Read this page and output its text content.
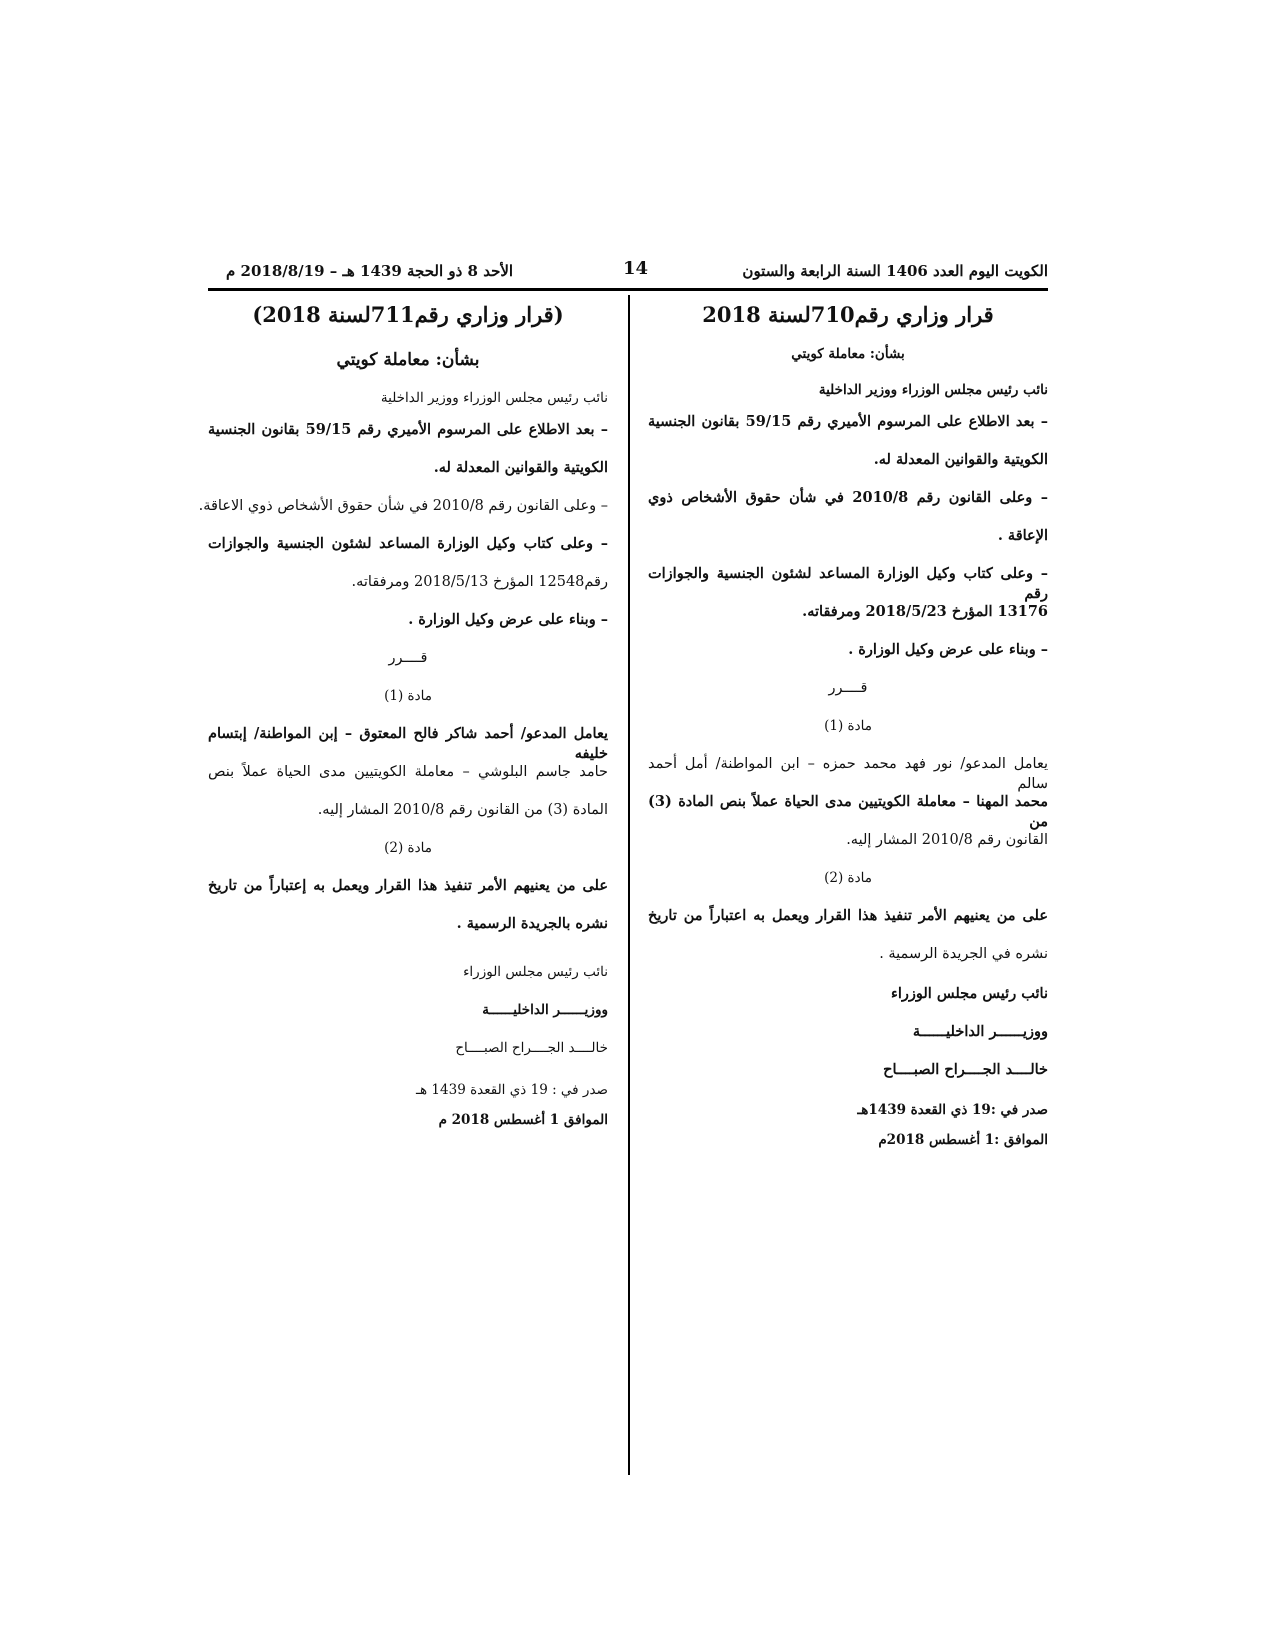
الكويت اليوم العدد 1406 السنة الرابعة والستون
14
الأحد 8 ذو الحجة 1439 هـ – 2018/8/19 م
قرار وزاري رقم710لسنة 2018
بشأن: معاملة كويتي
نائب رئيس مجلس الوزراء ووزير الداخلية
– بعد الاطلاع على المرسوم الأميري رقم 59/15 بقانون الجنسية
الكويتية والقوانين المعدلة له.
– وعلى القانون رقم 2010/8 في شأن حقوق الأشخاص ذوي
الإعاقة .
– وعلى كتاب وكيل الوزارة المساعد لشئون الجنسية والجوازات رقم
13176 المؤرخ 2018/5/23 ومرفقاته.
– وبناء على عرض وكيل الوزارة .
قــــرر
مادة (1)
يعامل المدعو/ نور فهد محمد حمزه – ابن المواطنة/ أمل أحمد سالم
محمد المهنا – معاملة الكويتيين مدى الحياة عملاً بنص المادة (3) من
القانون رقم 2010/8 المشار إليه.
مادة (2)
على من يعنيهم الأمر تنفيذ هذا القرار ويعمل به اعتباراً من تاريخ
نشره في الجريدة الرسمية .
نائب رئيس مجلس الوزراء
ووزيــــــر الداخليــــــة
خالــــد الجــــراح الصبــــاح
صدر في :19 ذي القعدة 1439هـ
الموافق :1 أغسطس 2018م
(قرار وزاري رقم711لسنة 2018)
بشأن: معاملة كويتي
نائب رئيس مجلس الوزراء ووزير الداخلية
– بعد الاطلاع على المرسوم الأميري رقم 59/15 بقانون الجنسية
الكويتية والقوانين المعدلة له.
– وعلى القانون رقم 2010/8 في شأن حقوق الأشخاص ذوي الاعاقة.
– وعلى كتاب وكيل الوزارة المساعد لشئون الجنسية والجوازات
رقم12548 المؤرخ 2018/5/13 ومرفقاته.
– وبناء على عرض وكيل الوزارة .
قــــرر
مادة (1)
يعامل المدعو/ أحمد شاكر فالح المعتوق – إبن المواطنة/ إبتسام خليفه
حامد جاسم البلوشي – معاملة الكويتيين مدى الحياة عملاً بنص
المادة (3) من القانون رقم 2010/8 المشار إليه.
مادة (2)
على من يعنيهم الأمر تنفيذ هذا القرار ويعمل به إعتباراً من تاريخ
نشره بالجريدة الرسمية .
نائب رئيس مجلس الوزراء
ووزيــــــر الداخليــــــة
خالــــد الجــــراح الصبــــاح
صدر في : 19 ذي القعدة 1439 هـ
الموافق 1 أغسطس 2018 م
